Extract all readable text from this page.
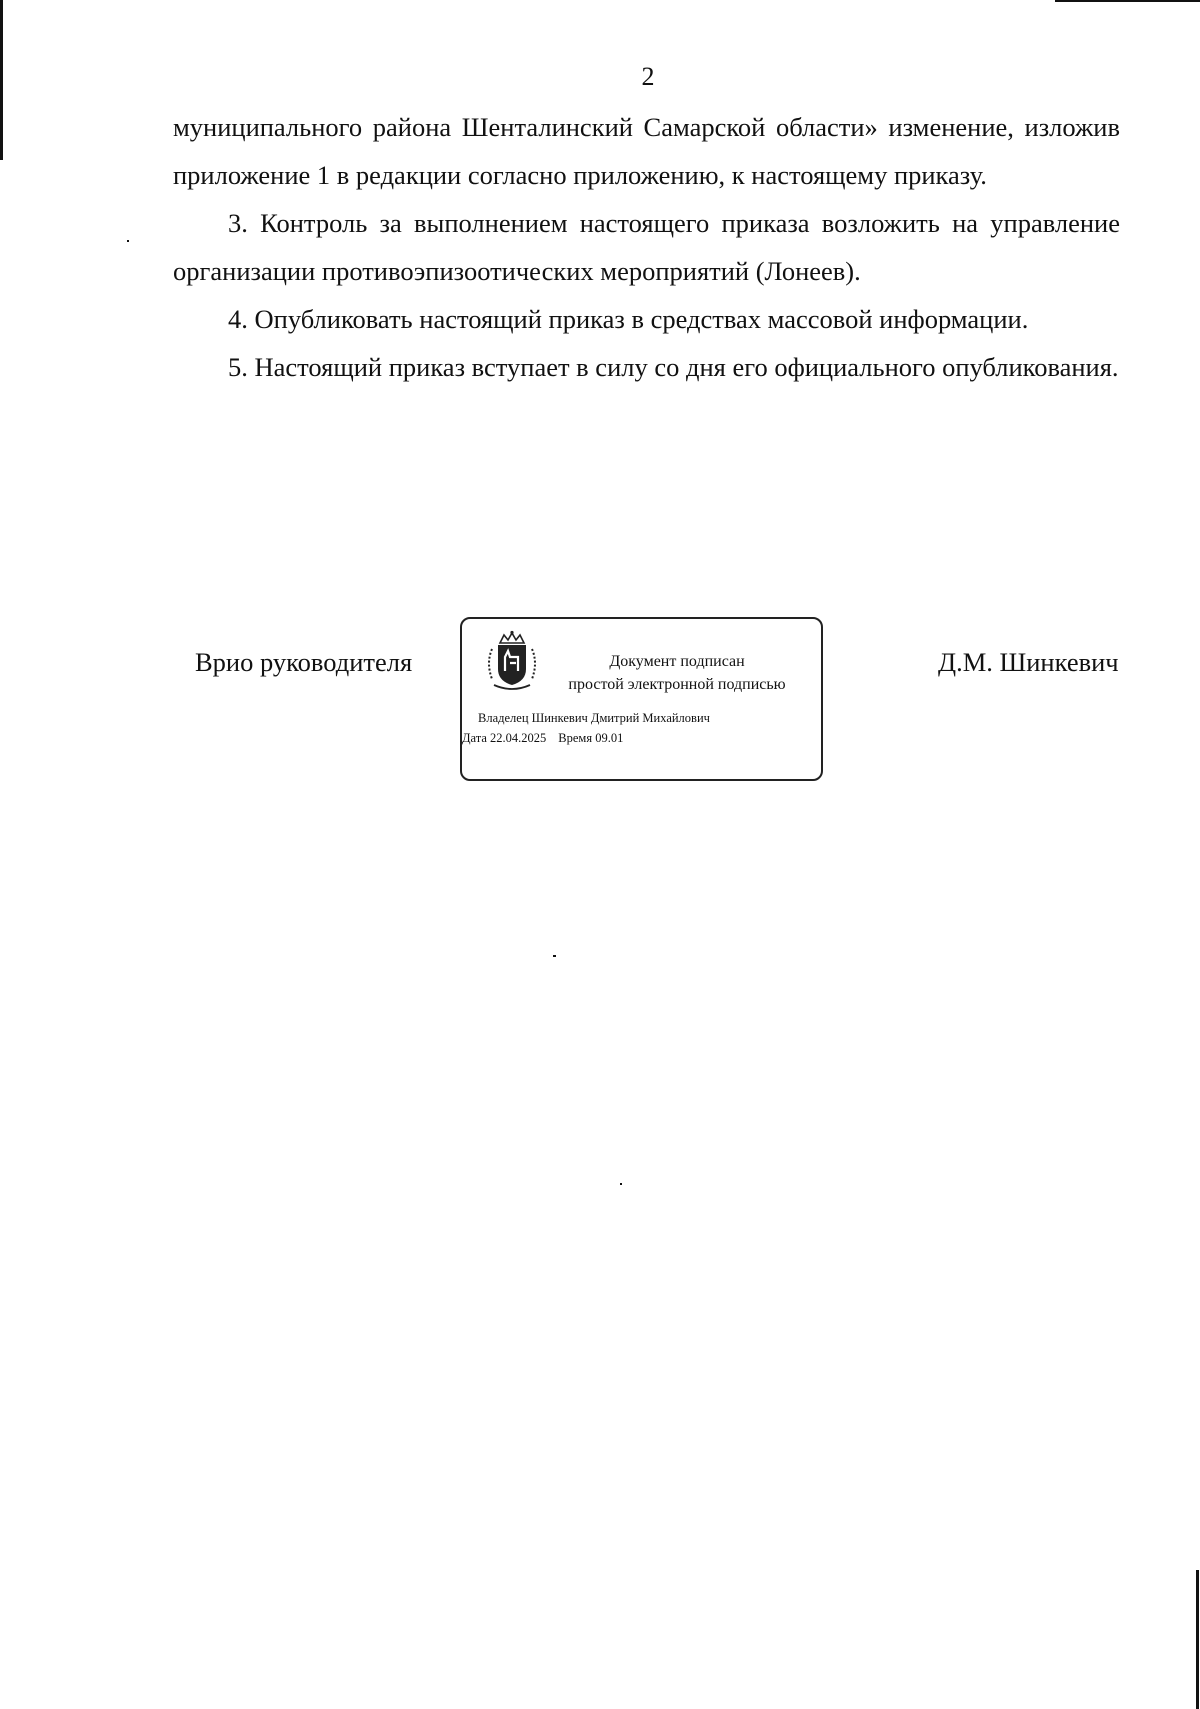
2

муниципального района Шенталинский Самарской области» изменение, изложив приложение 1 в редакции согласно приложению, к настоящему приказу.

3. Контроль за выполнением настоящего приказа возложить на управление организации противоэпизоотических мероприятий (Лонеев).

4. Опубликовать настоящий приказ в средствах массовой информации.

5. Настоящий приказ вступает в силу со дня его официального опубликования.

Врио руководителя	Документ подписан
простой электронной подписью
Владелец Шинкевич Дмитрий Михайлович
Дата 22.04.2025 Время 09.01
Д.М. Шинкевич
